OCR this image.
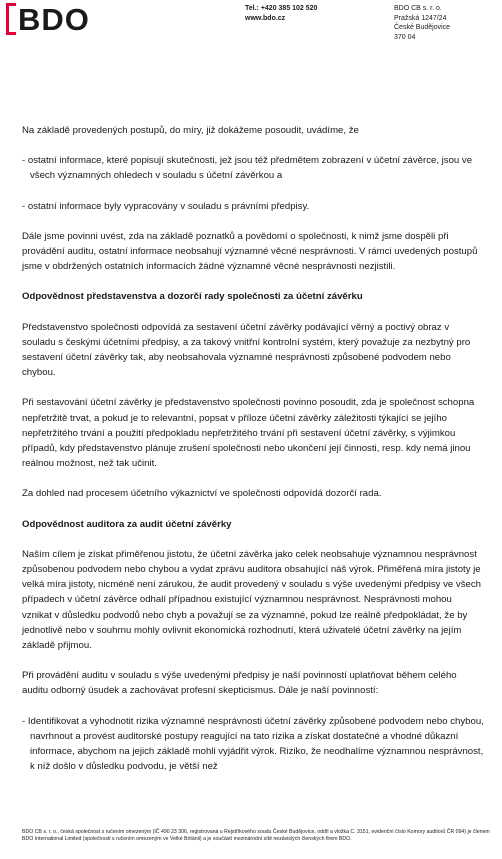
BDO	Tel.: +420 385 102 520
www.bdo.cz
BDO CB s. r. o.
Pražská 1247/24
České Budějovice
370 04

Na základě provedených postupů, do míry, již dokážeme posoudit, uvádíme, že

- ostatní informace, které popisují skutečnosti, jež jsou též předmětem zobrazení v účetní závěrce, jsou ve všech významných ohledech v souladu s účetní závěrkou a

- ostatní informace byly vypracovány v souladu s právními předpisy.

Dále jsme povinni uvést, zda na základě poznatků a povědomí o společnosti, k nimž jsme dospěli při provádění auditu, ostatní informace neobsahují významné věcné nesprávnosti. V rámci uvedených postupů jsme v obdržených ostatních informacích žádné významné věcné nesprávnosti nezjistili.

Odpovědnost představenstva a dozorčí rady společnosti za účetní závěrku

Představenstvo společnosti odpovídá za sestavení účetní závěrky podávající věrný a poctivý obraz v souladu s českými účetními předpisy, a za takový vnitřní kontrolní systém, který považuje za nezbytný pro sestavení účetní závěrky tak, aby neobsahovala významné nesprávnosti způsobené podvodem nebo chybou.

Při sestavování účetní závěrky je představenstvo společnosti povinno posoudit, zda je společnost schopna nepřetržitě trvat, a pokud je to relevantní, popsat v příloze účetní závěrky záležitosti týkající se jejího nepřetržitého trvání a použití předpokladu nepřetržitého trvání při sestavení účetní závěrky, s výjimkou případů, kdy představenstvo plánuje zrušení společnosti nebo ukončení její činnosti, resp. kdy nemá jinou reálnou možnost, než tak učinit.

Za dohled nad procesem účetního výkaznictví ve společnosti odpovídá dozorčí rada.

Odpovědnost auditora za audit účetní závěrky

Naším cílem je získat přiměřenou jistotu, že účetní závěrka jako celek neobsahuje významnou nesprávnost způsobenou podvodem nebo chybou a vydat zprávu auditora obsahující náš výrok. Přiměřená míra jistoty je velká míra jistoty, nicméně není zárukou, že audit provedený v souladu s výše uvedenými předpisy ve všech případech v účetní závěrce odhalí případnou existující významnou nesprávnost. Nesprávnosti mohou vznikat v důsledku podvodů nebo chyb a považují se za významné, pokud lze reálně předpokládat, že by jednotlivě nebo v souhrnu mohly ovlivnit ekonomická rozhodnutí, která uživatelé účetní závěrky na jejím základě přijmou.

Při provádění auditu v souladu s výše uvedenými předpisy je naší povinností uplatňovat během celého auditu odborný úsudek a zachovávat profesní skepticismus. Dále je naší povinností:

- Identifikovat a vyhodnotit rizika významné nesprávnosti účetní závěrky způsobené podvodem nebo chybou, navrhnout a provést auditorské postupy reagující na tato rizika a získat dostatečné a vhodné důkazní informace, abychom na jejich základě mohli vyjádřit výrok. Riziko, že neodhalíme významnou nesprávnost, k níž došlo v důsledku podvodu, je větší než

BDO CB s. r. o., česká společnost s ručením omezeným (IČ 490 23 306, registrovaná u Rejstříkového soudu České Budějovice, oddíl a vložka C. 3151, evidenční číslo Komory auditorů ČR 094) je členem BDO International Limited (společnosti s ručením omezeným ve Velké Británii) a je součástí mezinárodní sítě nezávislých členských firem BDO.
